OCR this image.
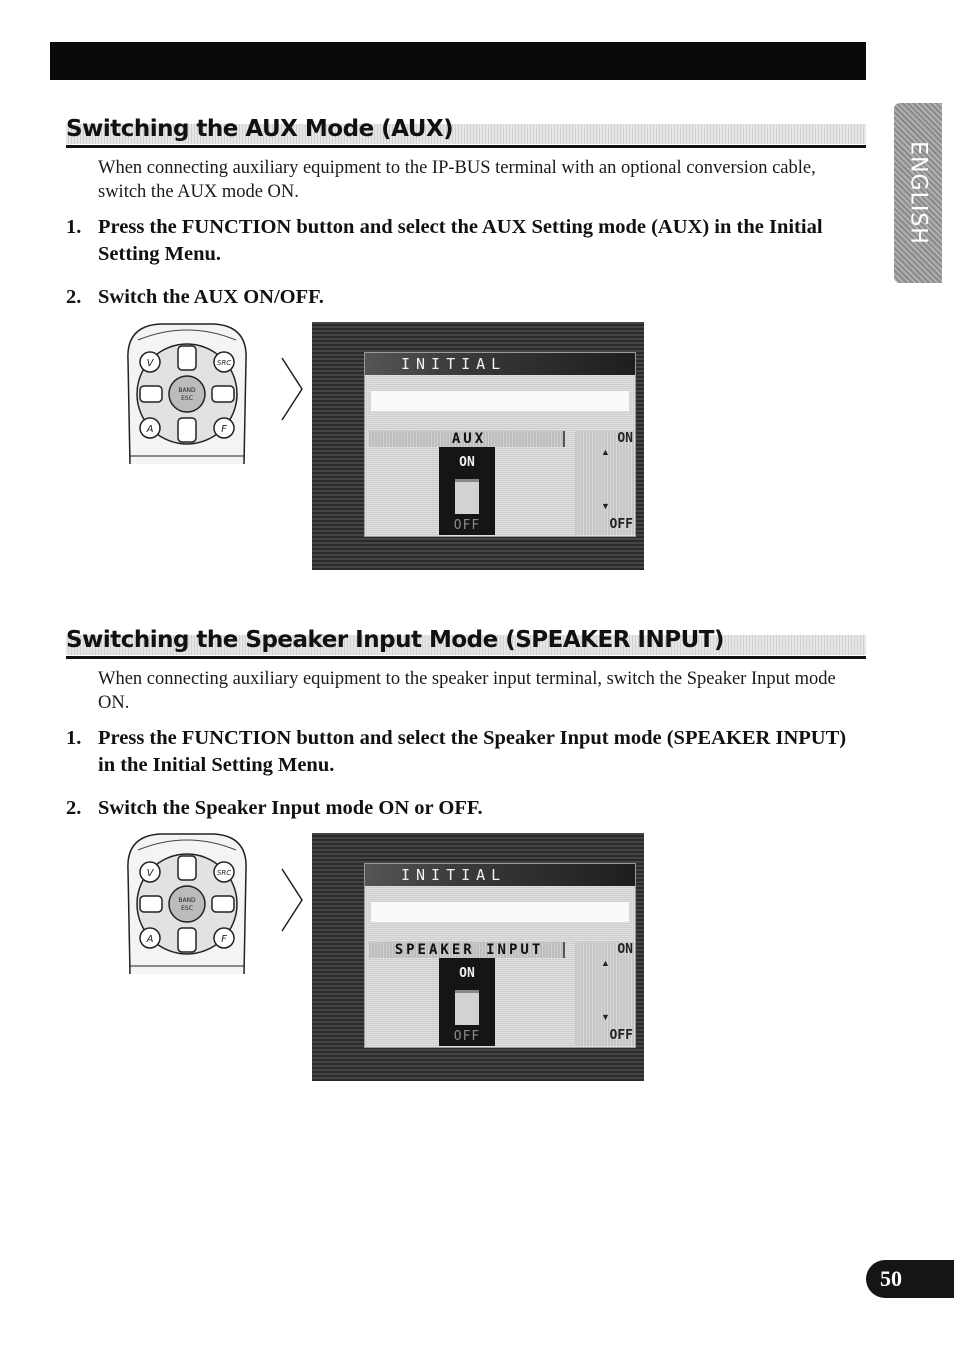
ENGLISH
Switching the AUX Mode (AUX)
When connecting auxiliary equipment to the IP-BUS terminal with an optional conversion cable, switch the AUX mode ON.
1. Press the FUNCTION button and select the AUX Setting mode (AUX) in the Initial Setting Menu.
2. Switch the AUX ON/OFF.
BAND
ESC
V	SRC
A	F
INITIAL
AUX
ON
OFF
ON
▲
▼
OFF
Switching the Speaker Input Mode (SPEAKER INPUT)
When connecting auxiliary equipment to the speaker input terminal, switch the Speaker Input mode ON.
1. Press the FUNCTION button and select the Speaker Input mode (SPEAKER INPUT) in the Initial Setting Menu.
2. Switch the Speaker Input mode ON or OFF.
BAND
ESC
V	SRC
A	F
INITIAL
SPEAKER INPUT
ON
OFF
ON
▲
▼
OFF
50
